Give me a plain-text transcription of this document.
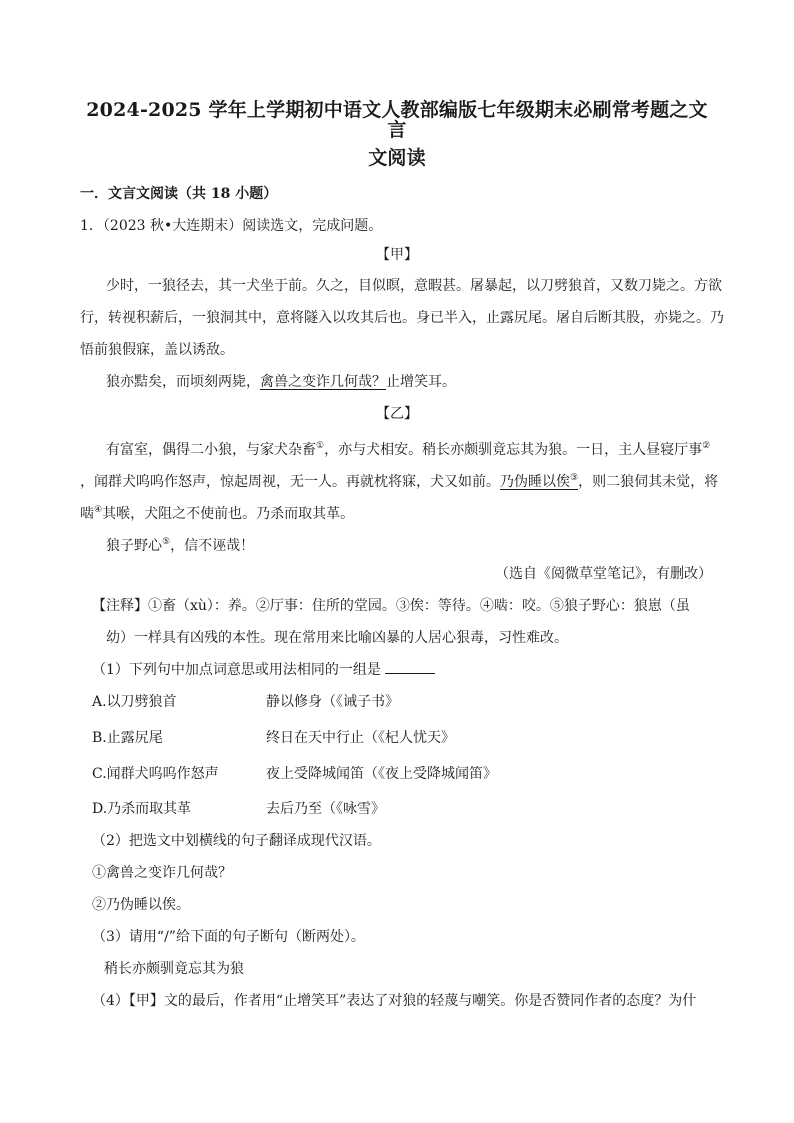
2024-2025 学年上学期初中语文人教部编版七年级期末必刷常考题之文言
文阅读
一．文言文阅读（共 18 小题）
1．（2023 秋•大连期末）阅读选文，完成问题。
【甲】
少时，一狼径去，其一犬坐于前。久之，目似瞑，意暇甚。屠暴起，以刀劈狼首，又数刀毙之。方欲
行，转视积薪后，一狼洞其中，意将隧入以攻其后也。身已半入，止露尻尾。屠自后断其股，亦毙之。乃
悟前狼假寐，盖以诱敌。
狼亦黠矣，而顷刻两毙，禽兽之变诈几何哉？止增笑耳。
【乙】
有富室，偶得二小狼，与家犬杂畜①，亦与犬相安。稍长亦颇驯竟忘其为狼。一日，主人昼寝厅事②
，闻群犬呜呜作怒声，惊起周视，无一人。再就枕将寐，犬又如前。乃伪睡以俟③，则二狼伺其未觉，将
啮④其喉，犬阻之不使前也。乃杀而取其革。
狼子野心⑤，信不诬哉！
（选自《阅微草堂笔记》，有删改）
【注释】①畜（xù）：养。②厅事：住所的堂园。③俟：等待。④啮：咬。⑤狼子野心：狼崽（虽
幼）一样具有凶残的本性。现在常用来比喻凶暴的人居心狠毒，习性难改。
（1）下列句中加点词意思或用法相同的一组是
A.以刀劈狼首	静以修身（《诫子书》
B.止露尻尾	终日在天中行止（《杞人忧天》
C.闻群犬呜呜作怒声	夜上受降城闻笛（《夜上受降城闻笛》
D.乃杀而取其革	去后乃至（《咏雪》
（2）把选文中划横线的句子翻译成现代汉语。
①禽兽之变诈几何哉？
②乃伪睡以俟。
（3）请用“/”给下面的句子断句（断两处）。
稍长亦颇驯竟忘其为狼
（4）【甲】文的最后，作者用“止增笑耳”表达了对狼的轻蔑与嘲笑。你是否赞同作者的态度？为什
